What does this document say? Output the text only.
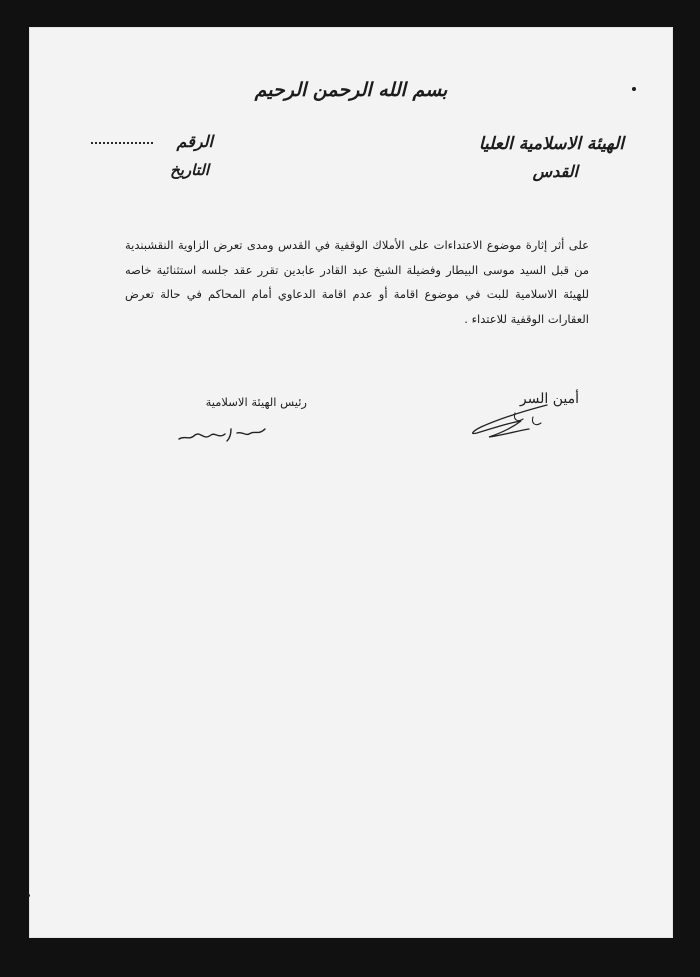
بسم الله الرحمن الرحيم
الهيئة الاسلامية العليا
القدس
الرقم
التاريخ
على أثر إثارة موضوع الاعتداءات على الأملاك الوقفية في القدس ومدى تعرض الزاوية النقشبندية من قبل السيد موسى البيطار وفضيلة الشيخ عبد القادر عابدين تقرر عقد جلسه استثنائية خاصه للهيئة الاسلامية للبت في موضوع اقامة أو عدم اقامة الدعاوي أمام المحاكم في حالة تعرض العقارات الوقفية للاعتداء .
أمين السر
رئيس الهيئة الاسلامية
